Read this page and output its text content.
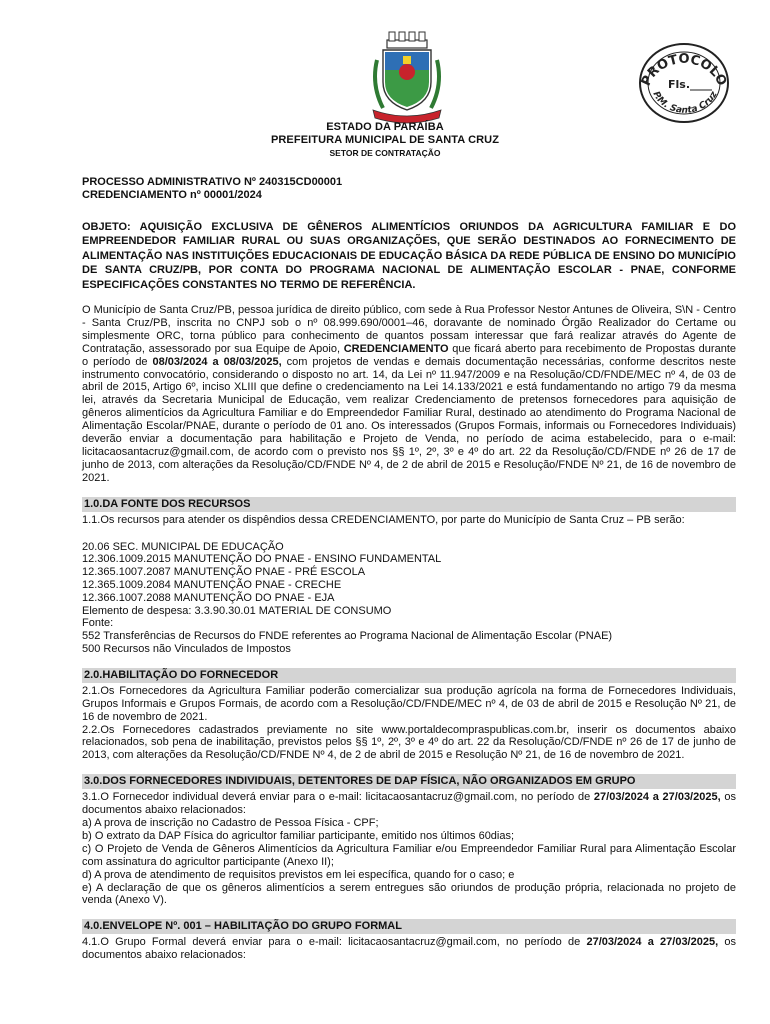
PROTOCOLO
Fls.____
P.M. Santa Cruz
ESTADO DA PARAÍBA
PREFEITURA MUNICIPAL DE SANTA CRUZ
SETOR DE CONTRATAÇÃO

PROCESSO ADMINISTRATIVO Nº 240315CD00001

CREDENCIAMENTO nº 00001/2024

OBJETO: AQUISIÇÃO EXCLUSIVA DE GÊNEROS ALIMENTÍCIOS ORIUNDOS DA AGRICULTURA FAMILIAR E DO EMPREENDEDOR FAMILIAR RURAL OU SUAS ORGANIZAÇÕES, QUE SERÃO DESTINADOS AO FORNECIMENTO DE ALIMENTAÇÃO NAS INSTITUIÇÕES EDUCACIONAIS DE EDUCAÇÃO BÁSICA DA REDE PÚBLICA DE ENSINO DO MUNICÍPIO DE SANTA CRUZ/PB, POR CONTA DO PROGRAMA NACIONAL DE ALIMENTAÇÃO ESCOLAR - PNAE, CONFORME ESPECIFICAÇÕES CONSTANTES NO TERMO DE REFERÊNCIA.

O Município de Santa Cruz/PB, pessoa jurídica de direito público, com sede à Rua Professor Nestor Antunes de Oliveira, S\N - Centro - Santa Cruz/PB, inscrita no CNPJ sob o nº 08.999.690/0001–46, doravante de nominado Órgão Realizador do Certame ou simplesmente ORC, torna público para conhecimento de quantos possam interessar que fará realizar através do Agente de Contratação, assessorado por sua Equipe de Apoio, CREDENCIAMENTO que ficará aberto para recebimento de Propostas durante o período de 08/03/2024 a 08/03/2025, com projetos de vendas e demais documentação necessárias, conforme descritos neste instrumento convocatório, considerando o disposto no art. 14, da Lei nº 11.947/2009 e na Resolução/CD/FNDE/MEC nº 4, de 03 de abril de 2015, Artigo 6º, inciso XLIII que define o credenciamento na Lei 14.133/2021 e está fundamentando no artigo 79 da mesma lei, através da Secretaria Municipal de Educação, vem realizar Credenciamento de pretensos fornecedores para aquisição de gêneros alimentícios da Agricultura Familiar e do Empreendedor Familiar Rural, destinado ao atendimento do Programa Nacional de Alimentação Escolar/PNAE, durante o período de 01 ano. Os interessados (Grupos Formais, informais ou Fornecedores Individuais) deverão enviar a documentação para habilitação e Projeto de Venda, no período de acima estabelecido, para o e-mail: licitacaosantacruz@gmail.com, de acordo com o previsto nos §§ 1º, 2º, 3º e 4º do art. 22 da Resolução/CD/FNDE nº 26 de 17 de junho de 2013, com alterações da Resolução/CD/FNDE Nº 4, de 2 de abril de 2015 e Resolução/FNDE Nº 21, de 16 de novembro de 2021.

1.0.DA FONTE DOS RECURSOS

1.1.Os recursos para atender os dispêndios dessa CREDENCIAMENTO, por parte do Município de Santa Cruz – PB serão:

20.06 SEC. MUNICIPAL DE EDUCAÇÃO
12.306.1009.2015 MANUTENÇÃO DO PNAE - ENSINO FUNDAMENTAL
12.365.1007.2087 MANUTENÇÃO PNAE - PRÉ ESCOLA
12.365.1009.2084 MANUTENÇÃO PNAE - CRECHE
12.366.1007.2088 MANUTENÇÃO DO PNAE - EJA
Elemento de despesa: 3.3.90.30.01 MATERIAL DE CONSUMO
Fonte:
552 Transferências de Recursos do FNDE referentes ao Programa Nacional de Alimentação Escolar (PNAE)
500 Recursos não Vinculados de Impostos
2.0.HABILITAÇÃO DO FORNECEDOR

2.1.Os Fornecedores da Agricultura Familiar poderão comercializar sua produção agrícola na forma de Fornecedores Individuais, Grupos Informais e Grupos Formais, de acordo com a Resolução/CD/FNDE/MEC nº 4, de 03 de abril de 2015 e Resolução Nº 21, de 16 de novembro de 2021.

2.2.Os Fornecedores cadastrados previamente no site www.portaldecompraspublicas.com.br, inserir os documentos abaixo relacionados, sob pena de inabilitação, previstos pelos §§ 1º, 2º, 3º e 4º do art. 22 da Resolução/CD/FNDE nº 26 de 17 de junho de 2013, com alterações da Resolução/CD/FNDE Nº 4, de 2 de abril de 2015 e Resolução Nº 21, de 16 de novembro de 2021.

3.0.DOS FORNECEDORES INDIVIDUAIS, DETENTORES DE DAP FÍSICA, NÃO ORGANIZADOS EM GRUPO

3.1.O Fornecedor individual deverá enviar para o e-mail: licitacaosantacruz@gmail.com, no período de 27/03/2024 a 27/03/2025, os documentos abaixo relacionados:

a) A prova de inscrição no Cadastro de Pessoa Física - CPF;

b) O extrato da DAP Física do agricultor familiar participante, emitido nos últimos 60dias;

c) O Projeto de Venda de Gêneros Alimentícios da Agricultura Familiar e/ou Empreendedor Familiar Rural para Alimentação Escolar com assinatura do agricultor participante (Anexo II);

d) A prova de atendimento de requisitos previstos em lei específica, quando for o caso; e

e) A declaração de que os gêneros alimentícios a serem entregues são oriundos de produção própria, relacionada no projeto de venda (Anexo V).

4.0.ENVELOPE Nº. 001 – HABILITAÇÃO DO GRUPO FORMAL

4.1.O Grupo Formal deverá enviar para o e-mail: licitacaosantacruz@gmail.com, no período de 27/03/2024 a 27/03/2025, os documentos abaixo relacionados:
